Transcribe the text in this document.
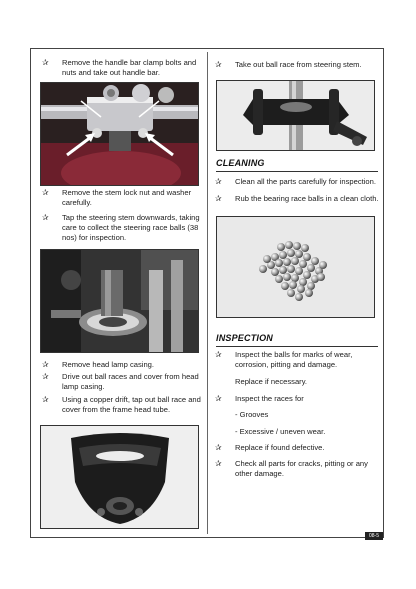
✰ Remove the handle bar clamp bolts and nuts and take out handle bar.
✰ Remove the stem lock nut and washer carefully.
✰ Tap the steering stem downwards, taking care to collect the steering race balls (38 nos) for inspection.
✰ Remove head lamp casing.
✰ Drive out ball races and cover from head lamp casing.
✰ Using a copper drift, tap out ball race and cover from the frame head tube.
✰ Take out ball race from steering stem.
CLEANING
✰ Clean all the parts carefully for inspection.
✰ Rub the bearing race balls in a clean cloth.
INSPECTION
✰ Inspect the balls for marks of wear, corrosion, pitting and damage.
Replace if necessary.
✰ Inspect the races for
- Grooves
- Excessive / uneven wear.
✰ Replace if found defective.
✰ Check all parts for cracks, pitting or any other damage.
08-5
